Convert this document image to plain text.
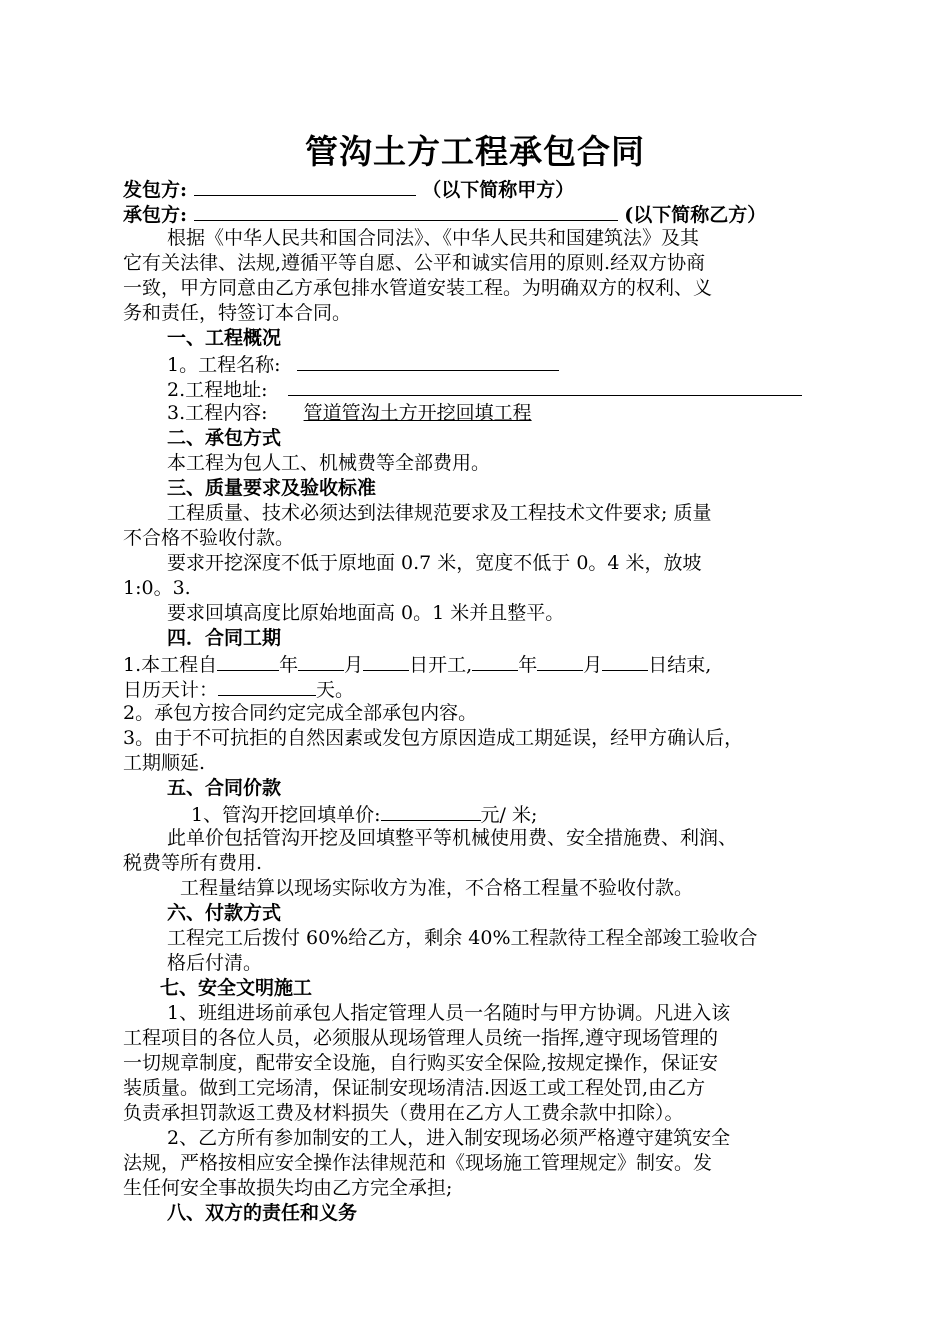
管沟土方工程承包合同
发包方:	（以下简称甲方）
承包方:	(以下简称乙方）
根据《中华人民共和国合同法》、《中华人民共和国建筑法》及其
它有关法律、法规,遵循平等自愿、公平和诚实信用的原则.经双方协商
一致，甲方同意由乙方承包排水管道安装工程。为明确双方的权利、义
务和责任，特签订本合同。
一、工程概况
1。工程名称:
2.工程地址:
3.工程内容: 管道管沟土方开挖回填工程
二、承包方式
本工程为包人工、机械费等全部费用。
三、质量要求及验收标准
工程质量、技术必须达到法律规范要求及工程技术文件要求; 质量
不合格不验收付款。
要求开挖深度不低于原地面 0.7 米，宽度不低于 0。4 米，放坡
1:0。3.
要求回填高度比原始地面高 0。1 米并且整平。
四．合同工期
1.本工程自	年 月 日开工, 年 月 日结束,
日历天计：	天。
2。承包方按合同约定完成全部承包内容。
3。由于不可抗拒的自然因素或发包方原因造成工期延误，经甲方确认后，
工期顺延.
五、合同价款
1、管沟开挖回填单价:	元/ 米;
此单价包括管沟开挖及回填整平等机械使用费、安全措施费、利润、
税费等所有费用.
工程量结算以现场实际收方为准，不合格工程量不验收付款。
六、付款方式
工程完工后拨付 60%给乙方，剩余 40%工程款待工程全部竣工验收合
格后付清。
七、安全文明施工
1、班组进场前承包人指定管理人员一名随时与甲方协调。凡进入该
工程项目的各位人员，必须服从现场管理人员统一指挥,遵守现场管理的
一切规章制度，配带安全设施，自行购买安全保险,按规定操作，保证安
装质量。做到工完场清，保证制安现场清洁.因返工或工程处罚,由乙方
负责承担罚款返工费及材料损失（费用在乙方人工费余款中扣除）。
2、乙方所有参加制安的工人，进入制安现场必须严格遵守建筑安全
法规，严格按相应安全操作法律规范和《现场施工管理规定》制安。发
生任何安全事故损失均由乙方完全承担;
八、双方的责任和义务
